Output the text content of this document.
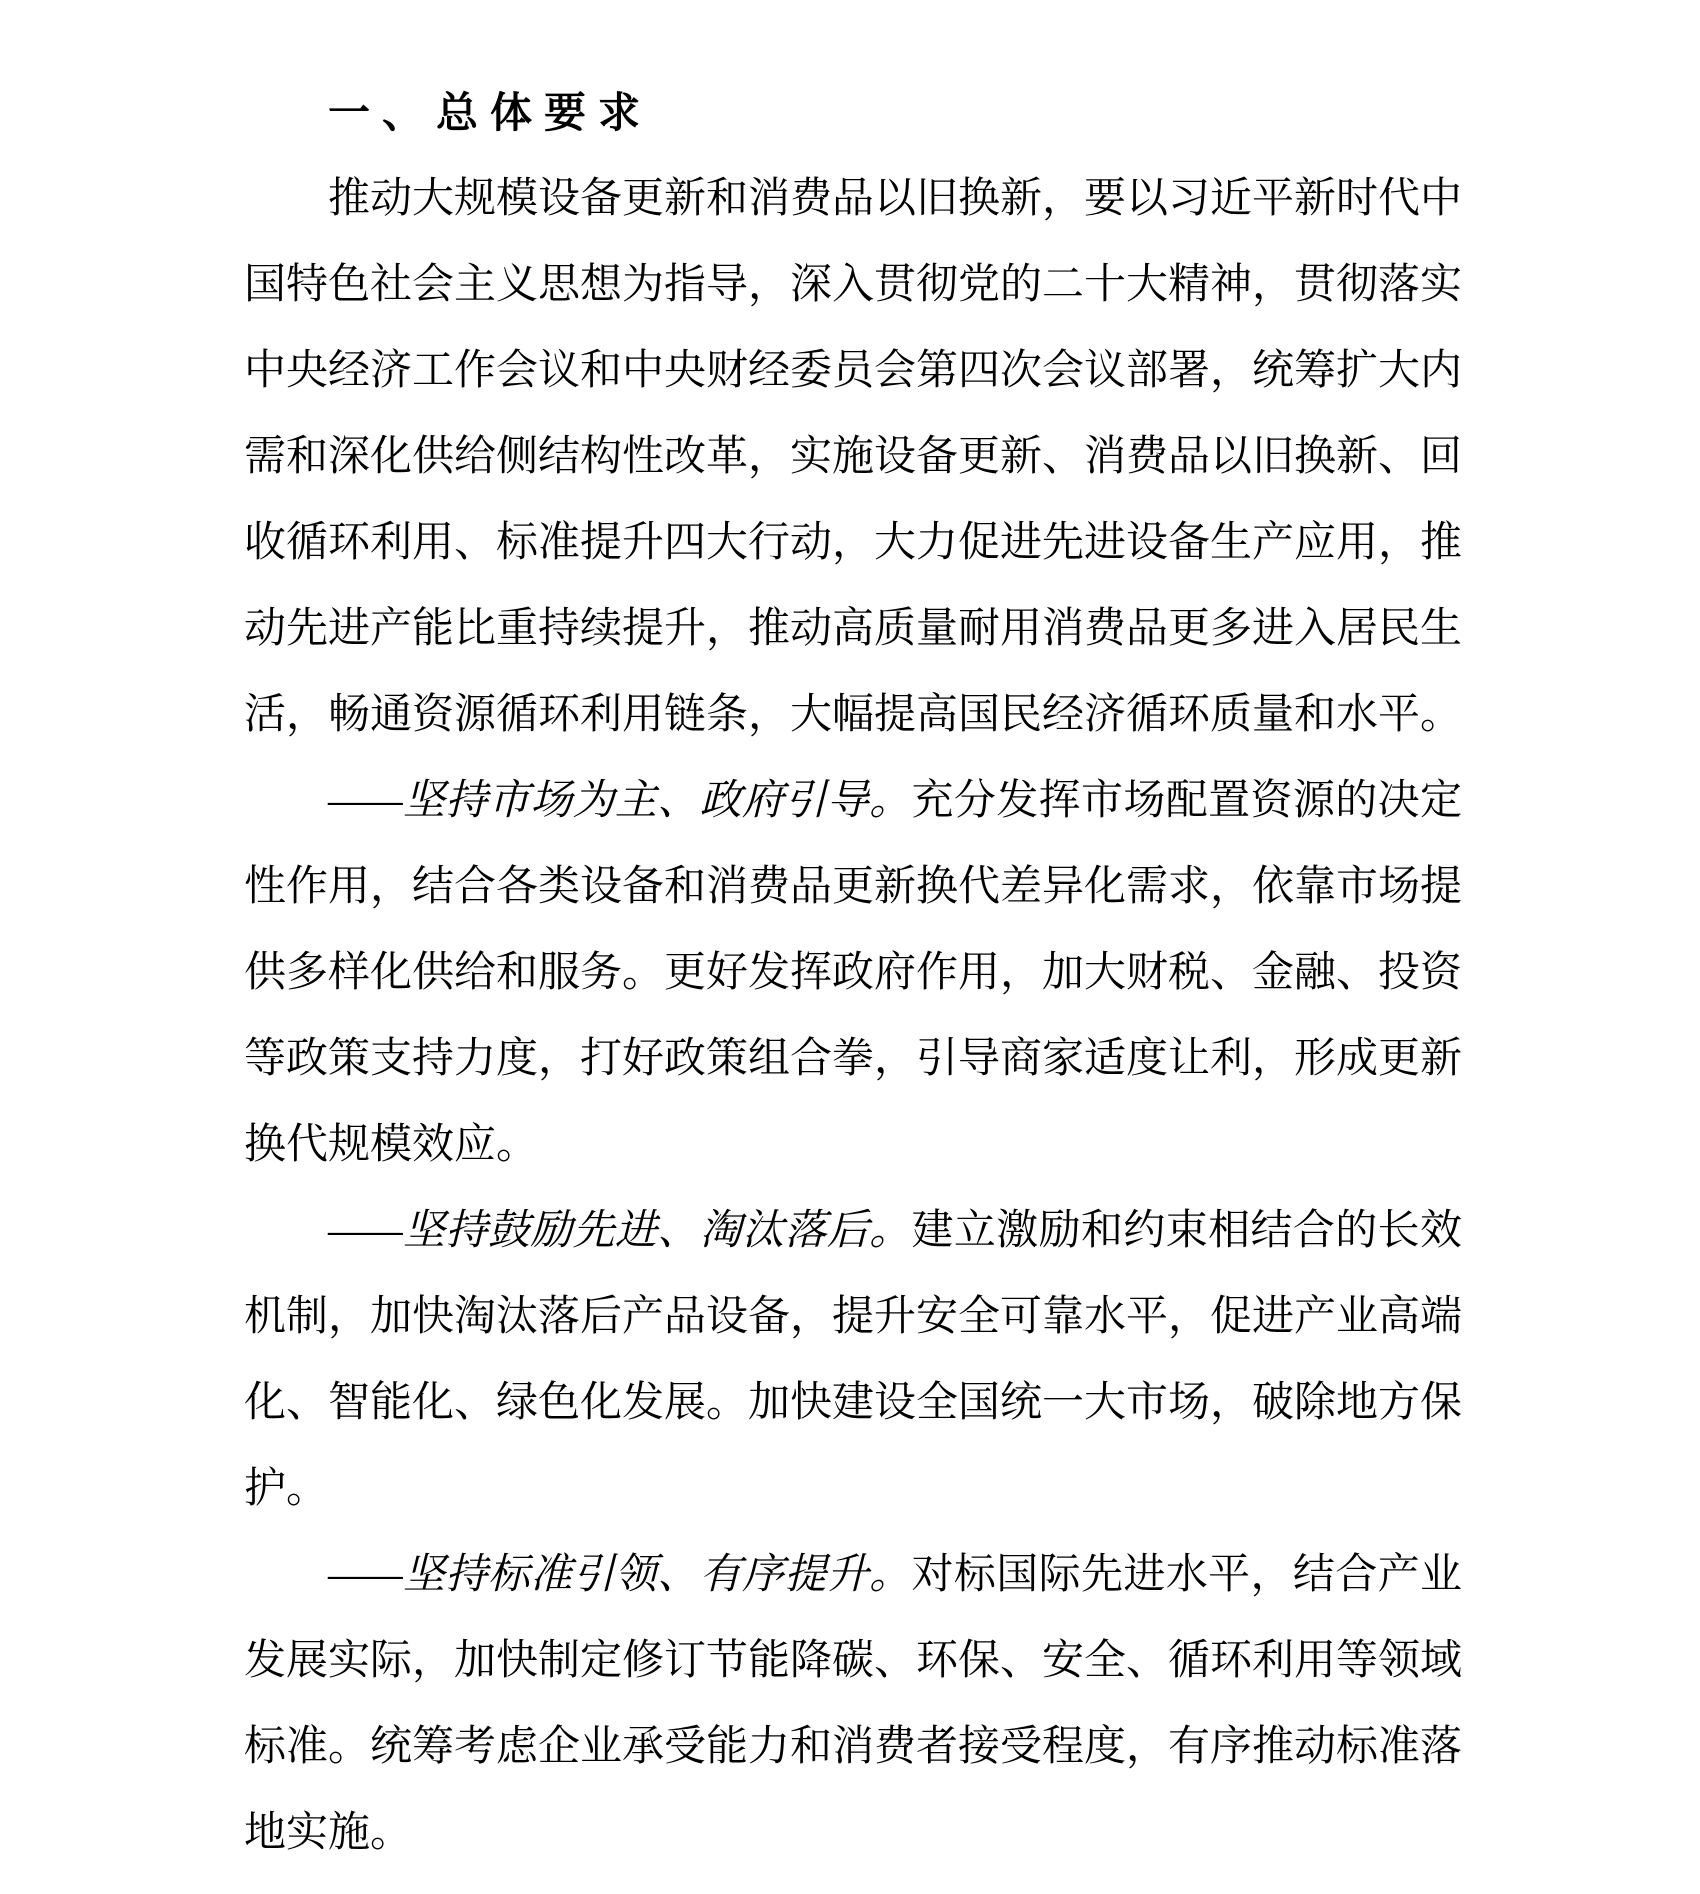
一、总体要求

推动大规模设备更新和消费品以旧换新，要以习近平新时代中国特色社会主义思想为指导，深入贯彻党的二十大精神，贯彻落实中央经济工作会议和中央财经委员会第四次会议部署，统筹扩大内需和深化供给侧结构性改革，实施设备更新、消费品以旧换新、回收循环利用、标准提升四大行动，大力促进先进设备生产应用，推动先进产能比重持续提升，推动高质量耐用消费品更多进入居民生活，畅通资源循环利用链条，大幅提高国民经济循环质量和水平。

——坚持市场为主、政府引导。充分发挥市场配置资源的决定性作用，结合各类设备和消费品更新换代差异化需求，依靠市场提供多样化供给和服务。更好发挥政府作用，加大财税、金融、投资等政策支持力度，打好政策组合拳，引导商家适度让利，形成更新换代规模效应。

——坚持鼓励先进、淘汰落后。建立激励和约束相结合的长效机制，加快淘汰落后产品设备，提升安全可靠水平，促进产业高端化、智能化、绿色化发展。加快建设全国统一大市场，破除地方保护。

——坚持标准引领、有序提升。对标国际先进水平，结合产业发展实际，加快制定修订节能降碳、环保、安全、循环利用等领域标准。统筹考虑企业承受能力和消费者接受程度，有序推动标准落地实施。
